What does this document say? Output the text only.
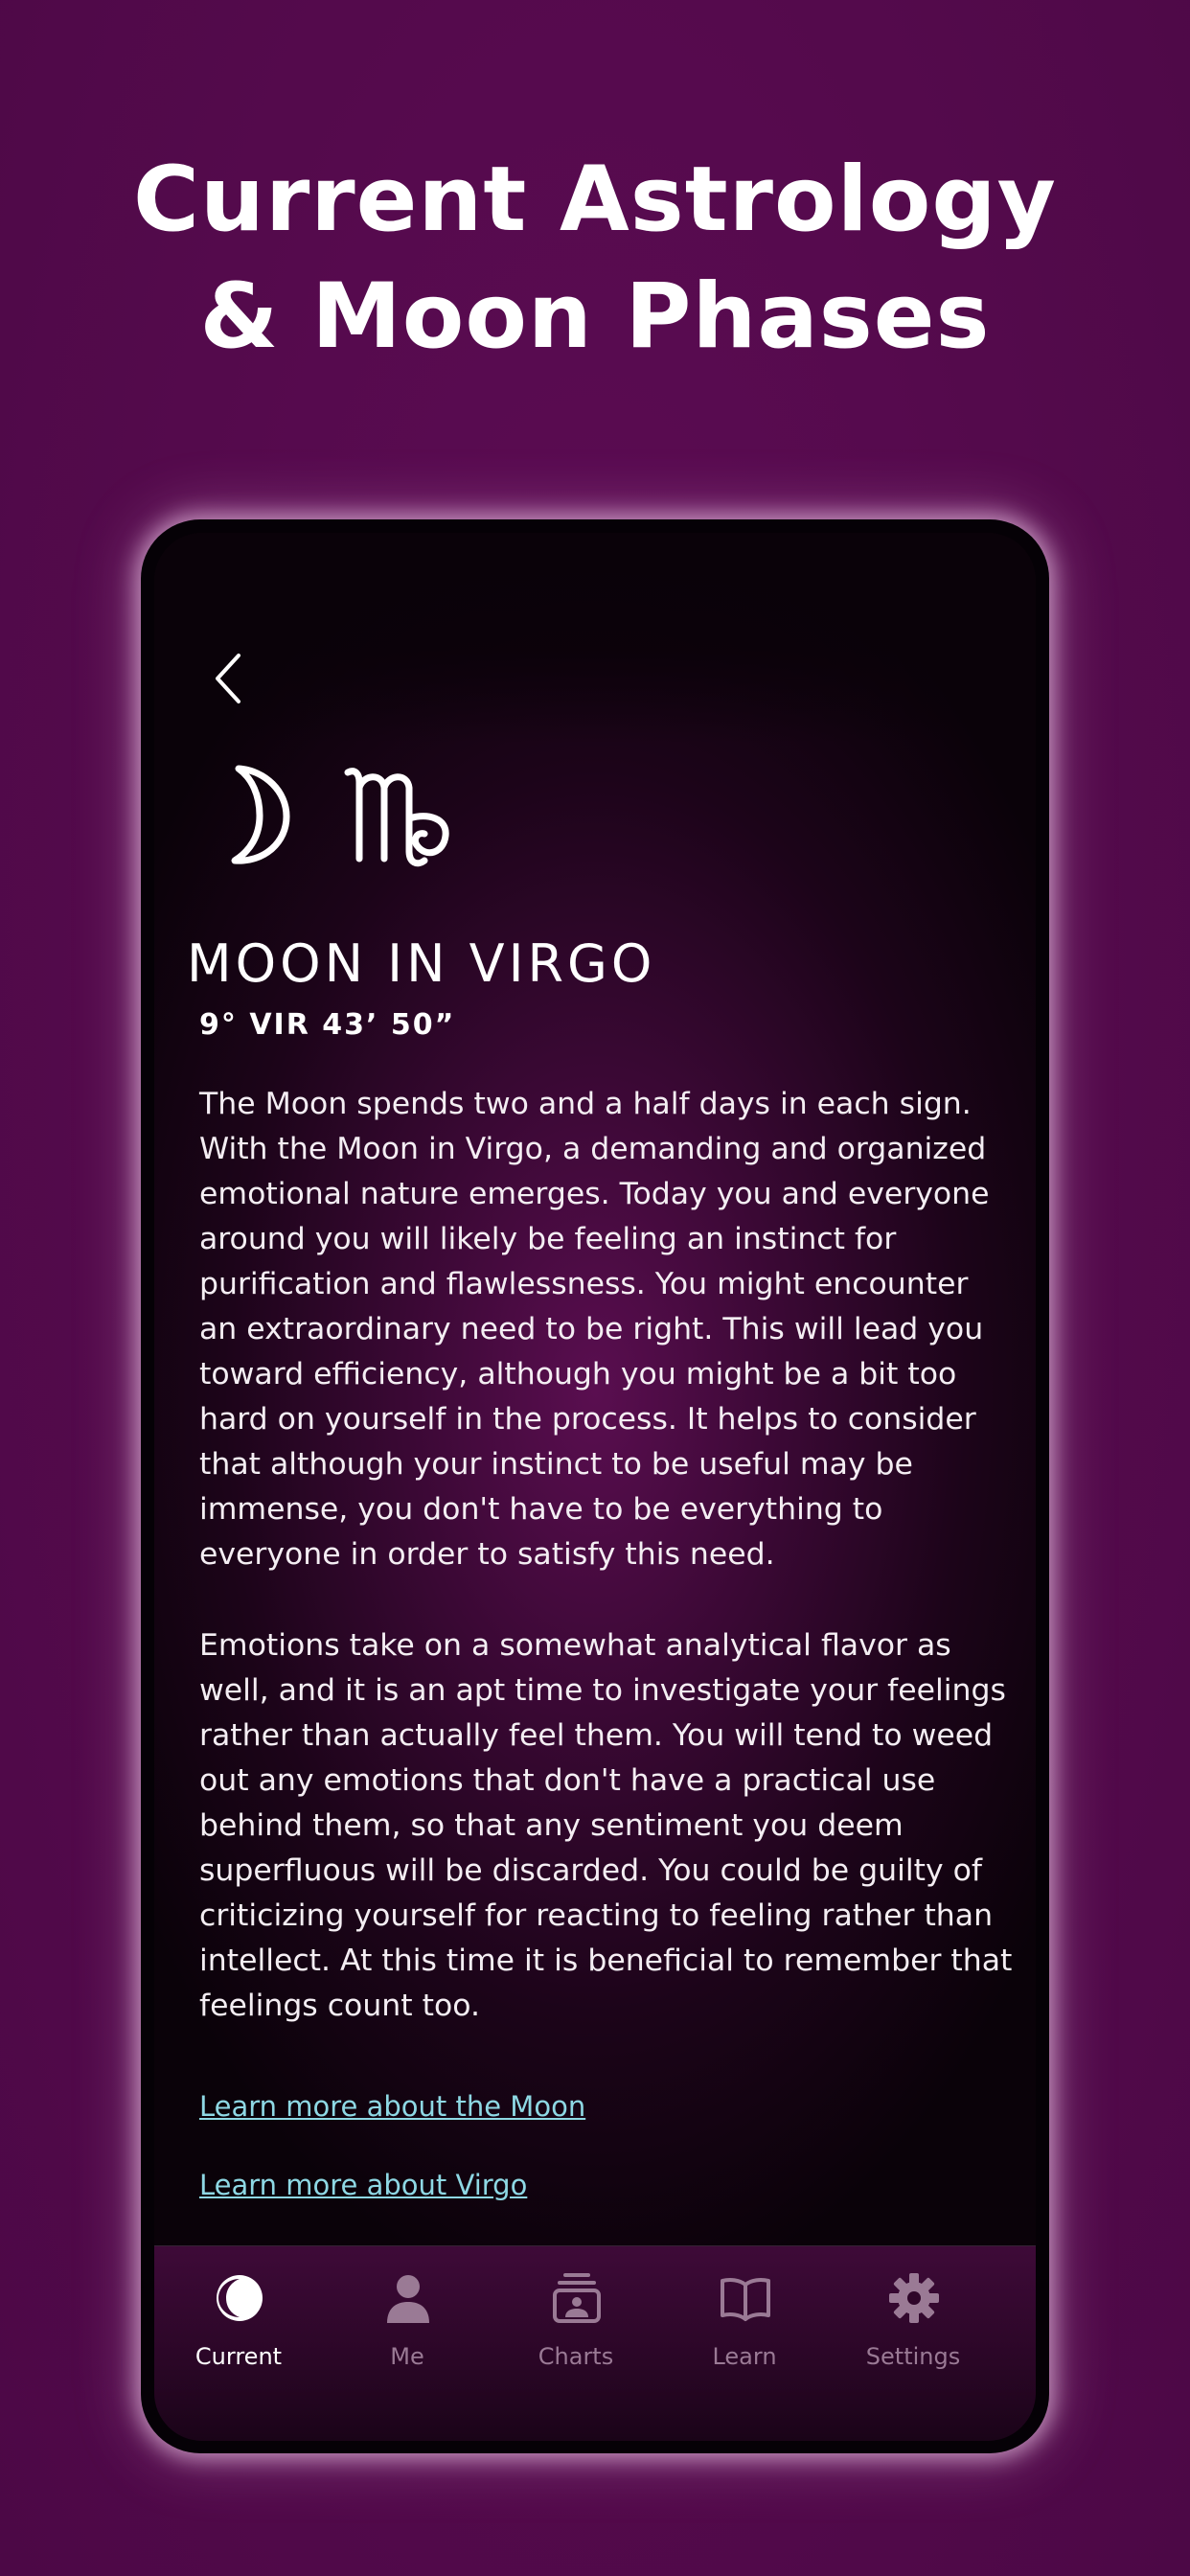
Current Astrology
& Moon Phases
MOON IN VIRGO
9° VIR 43’ 50”
The Moon spends two and a half days in each sign.
With the Moon in Virgo, a demanding and organized
emotional nature emerges. Today you and everyone
around you will likely be feeling an instinct for
purification and flawlessness. You might encounter
an extraordinary need to be right. This will lead you
toward efficiency, although you might be a bit too
hard on yourself in the process. It helps to consider
that although your instinct to be useful may be
immense, you don't have to be everything to
everyone in order to satisfy this need.
Emotions take on a somewhat analytical flavor as
well, and it is an apt time to investigate your feelings
rather than actually feel them. You will tend to weed
out any emotions that don't have a practical use
behind them, so that any sentiment you deem
superfluous will be discarded. You could be guilty of
criticizing yourself for reacting to feeling rather than
intellect. At this time it is beneficial to remember that
feelings count too.
Learn more about the Moon
Learn more about Virgo
Current	Me	Charts	Learn	Settings
